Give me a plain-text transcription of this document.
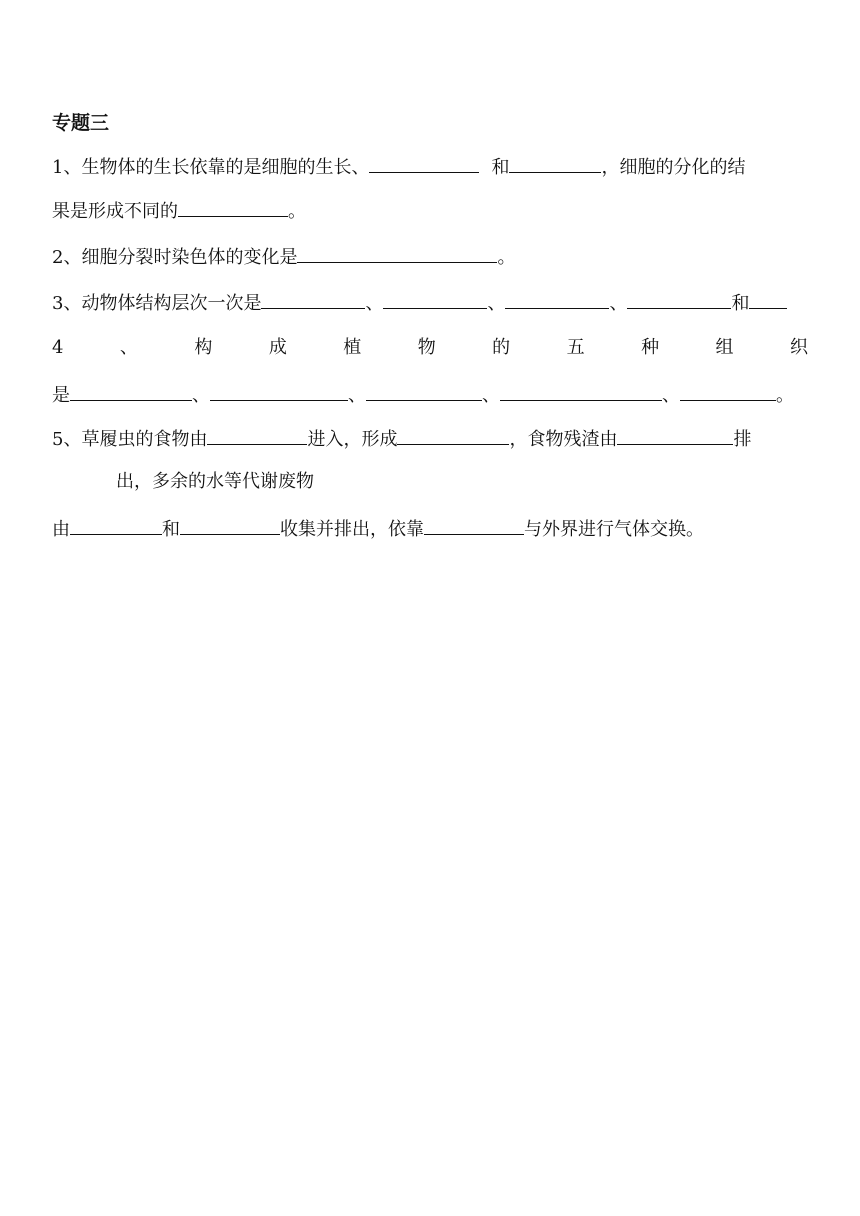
专题三
1、生物体的生长依靠的是细胞的生长、	和	，细胞的分化的结
果是形成不同的	。
2、细胞分裂时染色体的变化是	。
3、动物体结构层次一次是	、	、	、	和
4	、	构	成	植	物	的	五	种	组	织
是	、	、	、	、	。
5、草履虫的食物由	进入，形成	，食物残渣由	排
出，多余的水等代谢废物
由	和	收集并排出，依靠	与外界进行气体交换。
